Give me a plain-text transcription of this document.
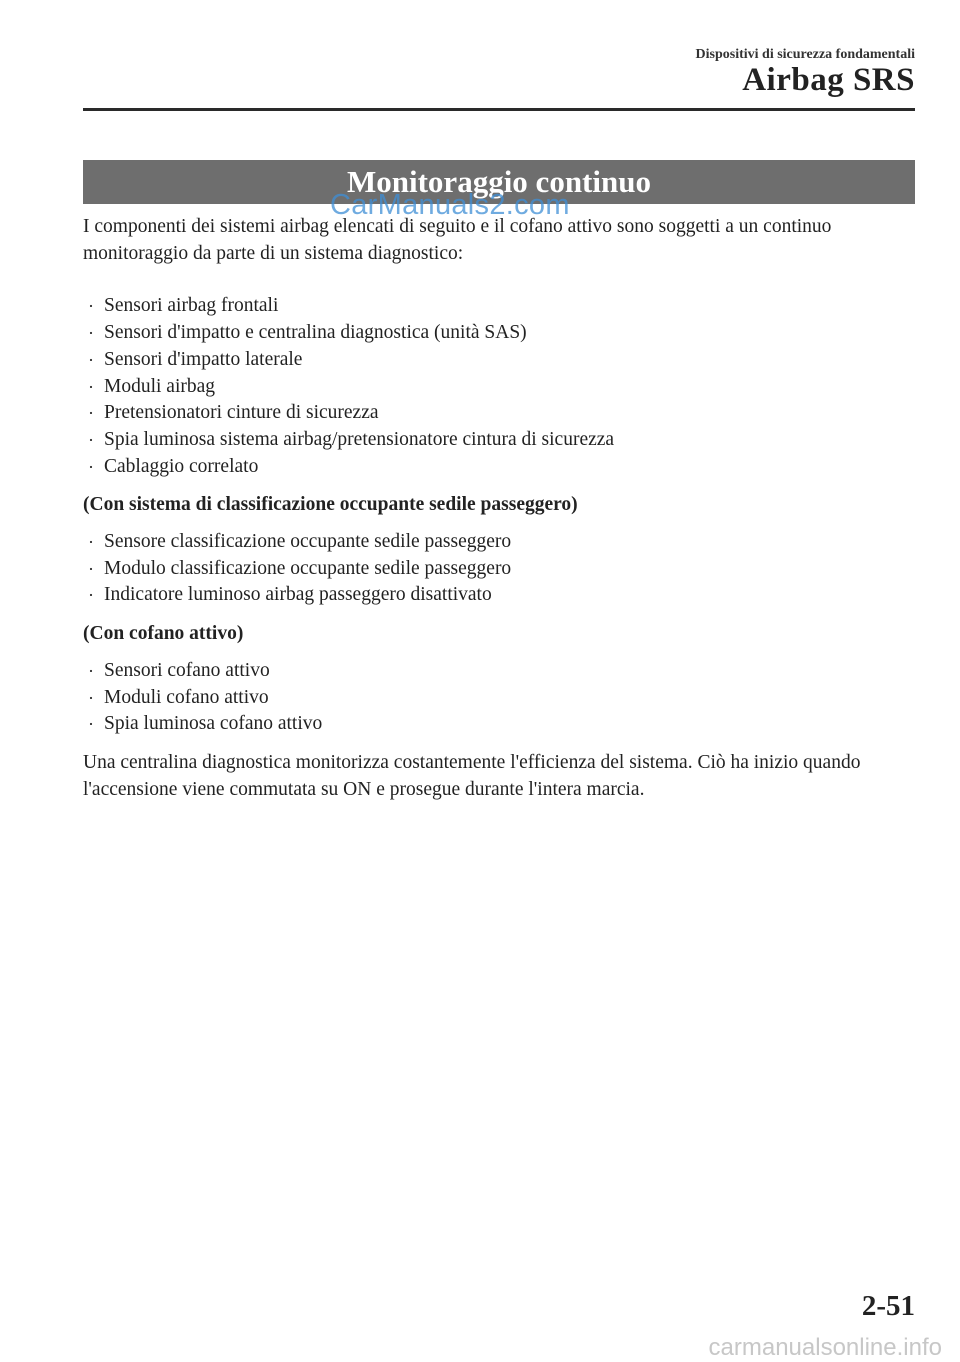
Dispositivi di sicurezza fondamentali
Airbag SRS
Monitoraggio continuo
CarManuals2.com

I componenti dei sistemi airbag elencati di seguito e il cofano attivo sono soggetti a un continuo monitoraggio da parte di un sistema diagnostico:

· Sensori airbag frontali
· Sensori d'impatto e centralina diagnostica (unità SAS)
· Sensori d'impatto laterale
· Moduli airbag
· Pretensionatori cinture di sicurezza
· Spia luminosa sistema airbag/pretensionatore cintura di sicurezza
· Cablaggio correlato

(Con sistema di classificazione occupante sedile passeggero)

· Sensore classificazione occupante sedile passeggero
· Modulo classificazione occupante sedile passeggero
· Indicatore luminoso airbag passeggero disattivato

(Con cofano attivo)

· Sensori cofano attivo
· Moduli cofano attivo
· Spia luminosa cofano attivo

Una centralina diagnostica monitorizza costantemente l'efficienza del sistema. Ciò ha inizio quando l'accensione viene commutata su ON e prosegue durante l'intera marcia.

2-51
carmanualsonline.info
